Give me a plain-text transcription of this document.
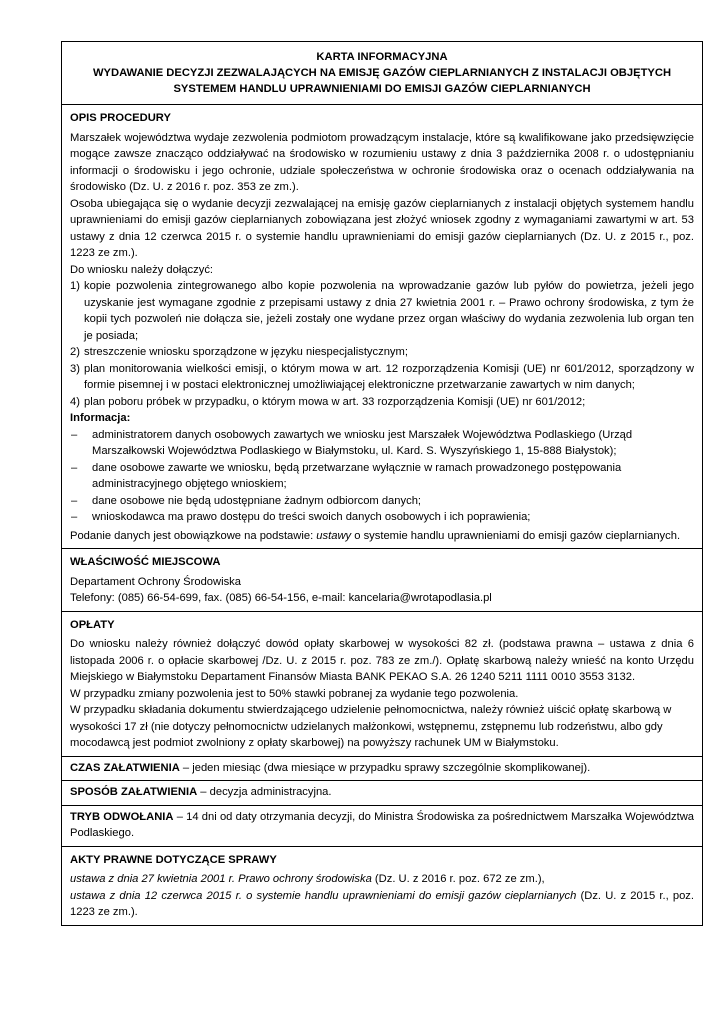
KARTA INFORMACYJNA
WYDAWANIE DECYZJI ZEZWALAJĄCYCH NA EMISJĘ GAZÓW CIEPLARNIANYCH Z INSTALACJI OBJĘTYCH
SYSTEMEM HANDLU UPRAWNIENIAMI DO EMISJI GAZÓW CIEPLARNIANYCH
OPIS PROCEDURY

Marszałek województwa wydaje zezwolenia podmiotom prowadzącym instalacje, które są kwalifikowane jako przedsięwzięcie mogące zawsze znacząco oddziaływać na środowisko w rozumieniu ustawy z dnia 3 października 2008 r. o udostępnianiu informacji o środowisku i jego ochronie, udziale społeczeństwa w ochronie środowiska oraz o ocenach oddziaływania na środowisko (Dz. U. z 2016 r. poz. 353 ze zm.).

Osoba ubiegająca się o wydanie decyzji zezwalającej na emisję gazów cieplarnianych z instalacji objętych systemem handlu uprawnieniami do emisji gazów cieplarnianych zobowiązana jest złożyć wniosek zgodny z wymaganiami zawartymi w art. 53 ustawy z dnia 12 czerwca 2015 r. o systemie handlu uprawnieniami do emisji gazów cieplarnianych (Dz. U. z 2015 r., poz. 1223 ze zm.).

Do wniosku należy dołączyć:

1) kopie pozwolenia zintegrowanego albo kopie pozwolenia na wprowadzanie gazów lub pyłów do powietrza, jeżeli jego uzyskanie jest wymagane zgodnie z przepisami ustawy z dnia 27 kwietnia 2001 r. – Prawo ochrony środowiska, z tym że kopii tych pozwoleń nie dołącza sie, jeżeli zostały one wydane przez organ właściwy do wydania zezwolenia lub organ ten je posiada;
2) streszczenie wniosku sporządzone w języku niespecjalistycznym;
3) plan monitorowania wielkości emisji, o którym mowa w art. 12 rozporządzenia Komisji (UE) nr 601/2012, sporządzony w formie pisemnej i w postaci elektronicznej umożliwiającej elektroniczne przetwarzanie zawartych w nim danych;
4) plan poboru próbek w przypadku, o którym mowa w art. 33 rozporządzenia Komisji (UE) nr 601/2012;
Informacja:
–	administratorem danych osobowych zawartych we wniosku jest Marszałek Województwa Podlaskiego (Urząd Marszałkowski Województwa Podlaskiego w Białymstoku, ul. Kard. S. Wyszyńskiego 1, 15-888 Białystok);
–	dane osobowe zawarte we wniosku, będą przetwarzane wyłącznie w ramach prowadzonego postępowania administracyjnego objętego wnioskiem;
–	dane osobowe nie będą udostępniane żadnym odbiorcom danych;
–	wnioskodawca ma prawo dostępu do treści swoich danych osobowych i ich poprawienia;

Podanie danych jest obowiązkowe na podstawie: ustawy o systemie handlu uprawnieniami do emisji gazów cieplarnianych.

WŁAŚCIWOŚĆ MIEJSCOWA

Departament Ochrony Środowiska

Telefony: (085) 66-54-699, fax. (085) 66-54-156, e-mail: kancelaria@wrotapodlasia.pl

OPŁATY

Do wniosku należy również dołączyć dowód opłaty skarbowej w wysokości 82 zł. (podstawa prawna – ustawa z dnia 6 listopada 2006 r. o opłacie skarbowej /Dz. U. z 2015 r. poz. 783 ze zm./). Opłatę skarbową należy wnieść na konto Urzędu Miejskiego w Białymstoku Departament Finansów Miasta BANK PEKAO S.A. 26 1240 5211 1111 0010 3553 3132.

W przypadku zmiany pozwolenia jest to 50% stawki pobranej za wydanie tego pozwolenia.

W przypadku składania dokumentu stwierdzającego udzielenie pełnomocnictwa, należy również uiścić opłatę skarbową w wysokości 17 zł (nie dotyczy pełnomocnictw udzielanych małżonkowi, wstępnemu, zstępnemu lub rodzeństwu, albo gdy mocodawcą jest podmiot zwolniony z opłaty skarbowej) na powyższy rachunek UM w Białymstoku.

CZAS ZAŁATWIENIA – jeden miesiąc (dwa miesiące w przypadku sprawy szczególnie skomplikowanej).

SPOSÓB ZAŁATWIENIA – decyzja administracyjna.

TRYB ODWOŁANIA – 14 dni od daty otrzymania decyzji, do Ministra Środowiska za pośrednictwem Marszałka Województwa Podlaskiego.

AKTY PRAWNE DOTYCZĄCE SPRAWY

ustawa z dnia 27 kwietnia 2001 r. Prawo ochrony środowiska (Dz. U. z 2016 r. poz. 672 ze zm.),

ustawa z dnia 12 czerwca 2015 r. o systemie handlu uprawnieniami do emisji gazów cieplarnianych (Dz. U. z 2015 r., poz. 1223 ze zm.).
